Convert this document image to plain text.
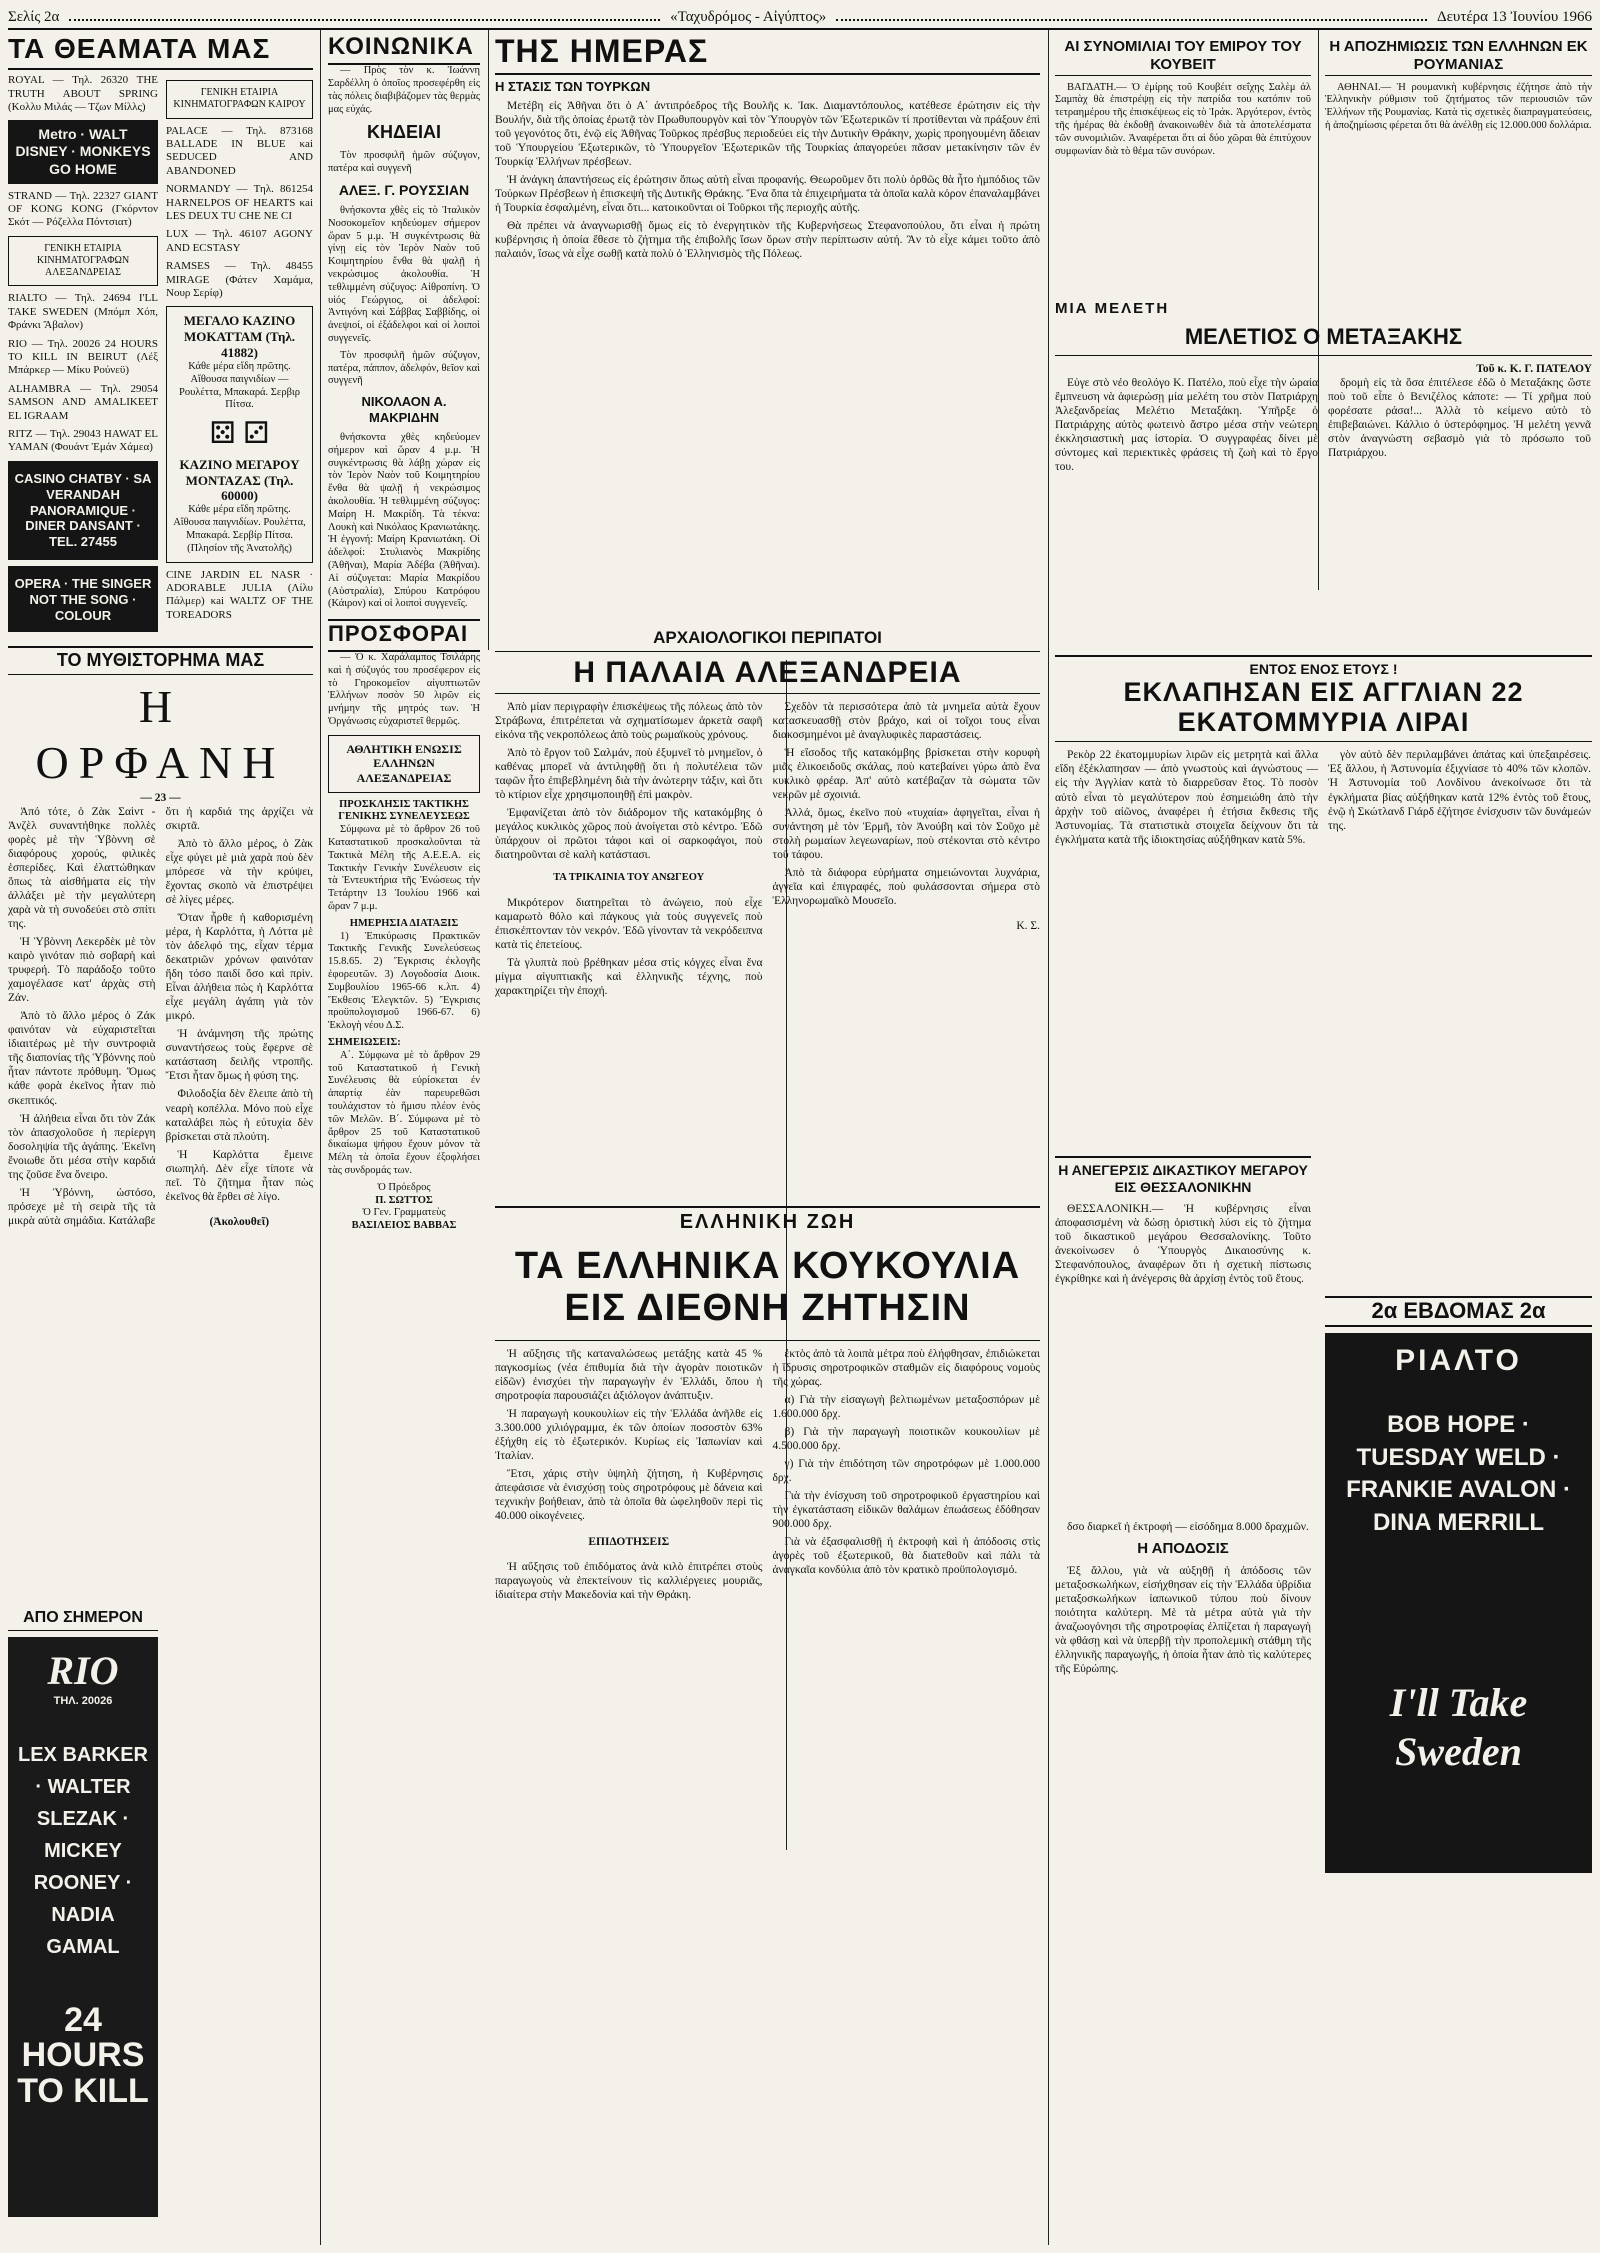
Σελίς 2α	«Ταχυδρόμος - Αἰγύπτος»	Δευτέρα 13 Ἰουνίου 1966
ΤΑ ΘΕΑΜΑΤΑ ΜΑΣ

ROYAL — Τηλ. 26320 THE TRUTH ABOUT SPRING (Κολλυ Μιλάς — Τζων Μίλλς)

Metro · WALT DISNEY · MONKEYS GO HOME

STRAND — Τηλ. 22327 GIANT OF KONG KONG (Γκόρντον Σκότ — Ρόζελλα Πόντσιατ)

ΓΕΝΙΚΗ ΕΤΑΙΡΙΑ ΚΙΝΗΜΑΤΟΓΡΑΦΩΝ ΑΛΕΞΑΝΔΡΕΙΑΣ

RIALTO — Τηλ. 24694 I'LL TAKE SWEDEN (Μπόμπ Χόπ, Φράνκι Ἄβαλον)

RIO — Τηλ. 20026 24 HOURS TO KILL IN BEIRUT (Λέξ Μπάρκερ — Μίκυ Ρούνεϋ)

ALHAMBRA — Τηλ. 29054 SAMSON AND AMALIKEET EL IGRAAM

RITZ — Τηλ. 29043 HAWAT EL YAMAN (Φουάντ Ἐμάν Χάμεα)

CASINO CHATBY · SA VERANDAH PANORAMIQUE · DINER DANSANT · TEL. 27455
OPERA · THE SINGER NOT THE SONG · COLOUR
ΓΕΝΙΚΗ ΕΤΑΙΡΙΑ ΚΙΝΗΜΑΤΟΓΡΑΦΩΝ ΚΑΙΡΟΥ

PALACE — Τηλ. 873168 BALLADE IN BLUE κai SEDUCED AND ABANDONED

NORMANDY — Τηλ. 861254 HARNELPOS OF HEARTS κai LES DEUX TU CHE NE CI

LUX — Τηλ. 46107 AGONY AND ECSTASY

RAMSES — Τηλ. 48455 MIRAGE (Φάτεν Χαμάμα, Νουρ Σερίφ)

ΜΕΓΑΛΟ ΚΑΖΙΝΟ ΜΟΚΑΤΤΑΜ (Τηλ. 41882)
Κάθε μέρα εἴδη πρῶτης. Αἴθουσα παιγνιδίων — Ρουλέττα, Μπακαρά. Σερβιρ Πίτσα.
⚄ ⚂
ΚΑΖΙΝΟ ΜΕΓΑΡΟΥ ΜΟΝΤΑΖΑΣ (Τηλ. 60000)
Κάθε μέρα εἴδη πρῶτης. Αἴθουσα παιγνιδίων. Ρουλέττα, Μπακαρά. Σερβίρ Πίτσα. (Πλησίον τῆς Ἀνατολῆς)

CINE JARDIN EL NASR · ADORABLE JULIA (Λίλυ Πάλμερ) κai WALTZ OF THE TOREADORS

ΚΟΙΝΩΝΙΚΑ

— Πρὸς τὸν κ. Ἰωάννη Σαρδέλλη ὁ ὁποῖος προσεφέρθη εἰς τὰς πόλεις διαβιβάζομεν τὰς θερμὰς μας εὐχάς.

ΚΗΔΕΙΑΙ

Τὸν προσφιλῆ ἡμῶν σύζυγον, πατέρα καὶ συγγενῆ

ΑΛΕΞ. Γ. ΡΟΥΣΣΙΑΝ

θνήσκοντα χθὲς εἰς τὸ Ἰταλικὸν Νοσοκομεῖον κηδεύομεν σήμερον ὥραν 5 μ.μ. Ἡ συγκέντρωσις θὰ γίνῃ εἰς τὸν Ἱερὸν Ναὸν τοῦ Κοιμητηρίου ἔνθα θὰ ψαλῇ ἡ νεκρώσιμος ἀκολουθία. Ἡ τεθλιμμένη σύζυγος: Αἰθροπίνη. Ὁ υἱός Γεώργιος, οἱ ἀδελφοί: Ἀντιγόνη καὶ Σάββας Σαββίδης, οἱ ἀνεψιοί, οἱ ἐξάδελφοι καὶ οἱ λοιποὶ συγγενεῖς.

Τὸν προσφιλῆ ἡμῶν σύζυγον, πατέρα, πάππον, ἀδελφόν, θεῖον καὶ συγγενῆ

ΝΙΚΟΛΑΟΝ Α. ΜΑΚΡΙΔΗΝ

θνήσκοντα χθὲς κηδεύομεν σήμερον καὶ ὥραν 4 μ.μ. Ἡ συγκέντρωσις θὰ λάβῃ χώραν εἰς τὸν Ἱερὸν Ναὸν τοῦ Κοιμητηρίου ἔνθα θὰ ψαλῇ ἡ νεκρώσιμος ἀκολουθία. Ἡ τεθλιμμένη σύζυγος: Μαίρη Η. Μακρίδη. Τὰ τέκνα: Λουκὴ καὶ Νικόλαος Κρανιωτάκης. Ἡ ἐγγονή: Μαίρη Κρανιωτάκη. Οἱ ἀδελφοί: Στυλιανὸς Μακρίδης (Ἀθῆναι), Μαρία Ἀδέβα (Ἀθῆναι). Αἱ σύζυγεται: Μαρία Μακρίδου (Αὐστραλία), Σπύρου Κατρόφου (Κάιρον) καὶ οἱ λοιποὶ συγγενεῖς.

ΠΡΟΣΦΟΡΑΙ

— Ὁ κ. Χαράλαμπος Τσιλάρης καὶ ἡ σύζυγός του προσέφερον εἰς τὸ Γηροκομεῖον αἰγυπτιωτῶν Ἑλλήνων ποσὸν 50 λιρῶν εἰς μνήμην τῆς μητρός των. Ἡ Ὀργάνωσις εὐχαριστεῖ θερμῶς.

ΑΘΛΗΤΙΚΗ ΕΝΩΣΙΣ ΕΛΛΗΝΩΝ ΑΛΕΞΑΝΔΡΕΙΑΣ
ΠΡΟΣΚΛΗΣΙΣ ΤΑΚΤΙΚΗΣ ΓΕΝΙΚΗΣ ΣΥΝΕΛΕΥΣΕΩΣ

Σύμφωνα μὲ τὸ ἄρθρον 26 τοῦ Καταστατικοῦ προσκαλοῦνται τὰ Τακτικὰ Μέλη τῆς Α.Ε.Ε.Α. εἰς Τακτικὴν Γενικὴν Συνέλευσιν εἰς τὰ Ἐντευκτήρια τῆς Ἑνώσεως τὴν Τετάρτην 13 Ἰουλίου 1966 καὶ ὥραν 7 μ.μ.

ΗΜΕΡΗΣΙΑ ΔΙΑΤΑΞΙΣ

1) Ἐπικύρωσις Πρακτικῶν Τακτικῆς Γενικῆς Συνελεύσεως 15.8.65. 2) Ἔγκρισις ἐκλογῆς ἐφορευτῶν. 3) Λογοδοσία Διοικ. Συμβουλίου 1965-66 κ.λπ. 4) Ἔκθεσις Ἐλεγκτῶν. 5) Ἔγκρισις προϋπολογισμοῦ 1966-67. 6) Ἐκλογὴ νέου Δ.Σ.

ΣΗΜΕΙΩΣΕΙΣ:

Α΄. Σύμφωνα μὲ τὸ ἄρθρον 29 τοῦ Καταστατικοῦ ἡ Γενικὴ Συνέλευσις θὰ εὑρίσκεται ἐν ἀπαρτίᾳ ἐὰν παρευρεθῶσι τουλάχιστον τὸ ἥμισυ πλέον ἑνὸς τῶν Μελῶν. Β΄. Σύμφωνα μὲ τὸ ἄρθρον 25 τοῦ Καταστατικοῦ δικαίωμα ψήφου ἔχουν μόνον τὰ Μέλη τὰ ὁποῖα ἔχουν ἐξοφλήσει τὰς συνδρομάς των.

Ὁ Πρόεδρος
Π. ΣΩΤΤΟΣ
Ὁ Γεν. Γραμματεὺς
ΒΑΣΙΛΕΙΟΣ ΒΑΒΒΑΣ
ΤΟ ΜΥΘΙΣΤΟΡΗΜΑ ΜΑΣ
Η ΟΡΦΑΝΗ
— 23 —

Ἀπό τότε, ὁ Ζὰκ Σαὶντ - Ἀνζὲλ συναντήθηκε πολλὲς φορὲς μὲ τὴν Ὑβὸννη σὲ διαφόρους χορούς, φιλικὲς ἑσπερίδες. Καὶ ἐλαττώθηκαν ὅπως τὰ αἰσθήματα εἰς τὴν ἀλλάξει μὲ τὴν μεγαλύτερη χαρὰ νὰ τὴ συνοδεύει στὸ σπίτι της.

Ἡ Ὑβὸννη Λεκερδὲκ μὲ τὸν καιρὸ γινόταν πιὸ σοβαρὴ καὶ τρυφερή. Τὸ παράδοξο τοῦτο χαμογέλασε κατ' ἀρχὰς στὴ Ζάν.

Ἀπὸ τὸ ἄλλο μέρος ὁ Ζάκ φαινόταν νὰ εὐχαριστεῖται ἰδιαιτέρως μὲ τὴν συντροφιὰ τῆς διαπονίας τῆς Ὑβόννης ποὺ ἦταν πάντοτε πρόθυμη. Ὅμως κάθε φορὰ ἐκεῖνος ἦταν πιὸ σκεπτικός.

Ἡ ἀλήθεια εἶναι ὅτι τὸν Ζάκ τὸν ἀπασχολοῦσε ἡ περίεργη δοσοληψία τῆς ἀγάπης. Ἐκεῖνη ἔνοιωθε ὅτι μέσα στὴν καρδιά της ζοῦσε ἕνα ὄνειρο.

Ἡ Ὑβόννη, ὡστόσο, πρόσεχε μὲ τὴ σειρὰ τῆς τὰ μικρὰ αὐτὰ σημάδια. Κατάλαβε ὅτι ἡ καρδιά της ἀρχίζει νὰ σκιρτᾶ.

Ἀπὸ τὸ ἄλλο μέρος, ὁ Ζὰκ εἶχε φύγει μὲ μιὰ χαρὰ ποὺ δὲν μπόρεσε νὰ τὴν κρύψει, ἔχοντας σκοπὸ νὰ ἐπιστρέψει σὲ λίγες μέρες.

Ὅταν ἦρθε ἡ καθορισμένη μέρα, ἡ Καρλόττα, ἡ Λόττα μὲ τὸν ἀδελφό της, εἶχαν τέρμα δεκατριῶν χρόνων φαινόταν ἤδη τόσο παιδί ὅσο καὶ πρὶν. Εἶναι ἀλήθεια πὼς ἡ Καρλόττα εἶχε μεγάλη ἀγάπη γιὰ τὸν μικρό.

Ἡ ἀνάμνηση τῆς πρώτης συναντήσεως τοὺς ἔφερνε σὲ κατάσταση δειλῆς ντροπῆς. Ἔτσι ἦταν ὅμως ἡ φύση της.

Φιλοδοξία δὲν ἔλειπε ἀπὸ τὴ νεαρὴ κοπέλλα. Μόνο ποὺ εἶχε καταλάβει πὼς ἡ εὐτυχία δὲν βρίσκεται στὰ πλούτη.

Ἡ Καρλόττα ἔμεινε σιωπηλή. Δὲν εἶχε τίποτε νὰ πεῖ. Τὸ ζῆτημα ἦταν πὼς ἐκεῖνος θὰ ἔρθει σὲ λίγο.

(Ἀκολουθεῖ)

ΑΠΟ ΣΗΜΕΡΟΝ
RIO
ΤΗΛ. 20026
LEX BARKER · WALTER SLEZAK · MICKEY ROONEY · NADIA GAMAL
24 HOURS TO KILL
ΤΗΣ ΗΜΕΡΑΣ
Η ΣΤΑΣΙΣ ΤΩΝ ΤΟΥΡΚΩΝ

Μετέβη εἰς Ἀθῆναι ὅτι ὁ Α΄ ἀντιπρόεδρος τῆς Βουλῆς κ. Ἰακ. Διαμαντόπουλος, κατέθεσε ἐρώτησιν εἰς τὴν Βουλήν, διὰ τῆς ὁποίας ἐρωτᾷ τὸν Πρωθυπουργὸν καὶ τὸν Ὑπουργὸν τῶν Ἐξωτερικῶν τί προτίθενται νὰ πράξουν ἐπὶ τοῦ γεγονότος ὅτι, ἐνῷ εἰς Ἀθῆνας Τοῦρκος πρέσβυς περιοδεύει εἰς τὴν Δυτικὴν Θράκην, χωρὶς προηγουμένη ἄδειαν τοῦ Ὑπουργείου Ἐξωτερικῶν, τὸ Ὑπουργεῖον Ἐξωτερικῶν τῆς Τουρκίας ἀπαγορεύει πᾶσαν μετακίνησιν τῶν ἐν Τουρκίᾳ Ἑλλήνων πρέσβεων.

Ἡ ἀνάγκη ἀπαντήσεως εἰς ἐρώτησιν ὅπως αὐτὴ εἶναι προφανής. Θεωροῦμεν ὅτι πολὺ ὀρθῶς θὰ ἦτο ἡμπόδιος τῶν Τούρκων Πρέσβεων ἡ ἐπισκεψὴ τῆς Δυτικῆς Θράκης. Ἕνα ὅπα τὰ ἐπιχειρήματα τὰ ὁποῖα καλὰ κόρον ἐπαναλαμβάνει ἡ Τουρκία ἐσφαλμένη, εἶναι ὅτι... κατοικοῦνται οἱ Τοῦρκοι τῆς περιοχῆς αὐτῆς.

Θὰ πρέπει νὰ ἀναγνωρισθῇ ὅμως εἰς τὸ ἐνεργητικὸν τῆς Κυβερνήσεως Στεφανοπούλου, ὅτι εἶναι ἡ πρώτη κυβέρνησις ἡ ὁποία ἔθεσε τὸ ζήτημα τῆς ἐπιβολῆς ἴσων ὅρων στὴν περίπτωσιν αὐτή. Ἂν τὸ εἶχε κάμει τοῦτο ἀπὸ παλαιόν, ἴσως νὰ εἶχε σωθῇ κατὰ πολὺ ὁ Ἑλληνισμὸς τῆς Πόλεως.

ΑΡΧΑΙΟΛΟΓΙΚΟΙ ΠΕΡΙΠΑΤΟΙ
Η ΠΑΛΑΙΑ ΑΛΕΞΑΝΔΡΕΙΑ

Ἀπὸ μίαν περιγραφὴν ἐπισκέψεως τῆς πόλεως ἀπὸ τὸν Στράβωνα, ἐπιτρέπεται νὰ σχηματίσωμεν ἀρκετὰ σαφῆ εἰκόνα τῆς νεκροπόλεως ἀπὸ τοὺς ρωμαϊκοὺς χρόνους.

Ἀπὸ τὸ ἔργον τοῦ Σαλμάν, ποὺ ἐξυμνεῖ τὸ μνημεῖον, ὁ καθένας μπορεῖ νὰ ἀντιληφθῇ ὅτι ἡ πολυτέλεια τῶν ταφῶν ἦτο ἐπιβεβλημένη διὰ τὴν ἀνώτερην τάξιν, καὶ ὅτι τὸ κτίριον εἶχε χρησιμοποιηθῇ ἐπὶ μακρὸν.

Ἐμφανίζεται ἀπὸ τὸν διάδρομον τῆς κατακόμβης ὁ μεγάλος κυκλικὸς χῶρος ποὺ ἀνοίγεται στὸ κέντρο. Ἐδῶ ὑπάρχουν οἱ πρῶτοι τάφοι καὶ οἱ σαρκοφάγοι, ποὺ διατηροῦνται σὲ καλὴ κατάστασι.

ΤΑ ΤΡΙΚΛΙΝΙΑ ΤΟΥ ΑΝΩΓΕΟΥ

Μικρότερον διατηρεῖται τὸ ἀνώγειο, ποὺ εἶχε καμαρωτὸ θόλο καὶ πάγκους γιὰ τοὺς συγγενεῖς ποὺ ἐπισκέπτονταν τὸν νεκρόν. Ἐδῶ γίνονταν τὰ νεκρόδειπνα κατὰ τὶς ἐπετείους.

Τὰ γλυπτὰ ποὺ βρέθηκαν μέσα στὶς κόγχες εἶναι ἕνα μίγμα αἰγυπτιακῆς καὶ ἑλληνικῆς τέχνης, ποὺ χαρακτηρίζει τὴν ἐποχή.

Σχεδὸν τὰ περισσότερα ἀπὸ τὰ μνημεῖα αὐτὰ ἔχουν κατασκευασθῇ στὸν βράχο, καὶ οἱ τοῖχοι τους εἶναι διακοσμημένοι μὲ ἀναγλυφικὲς παραστάσεις.

Ἡ εἴσοδος τῆς κατακόμβης βρίσκεται στὴν κορυφὴ μιᾶς ἑλικοειδοῦς σκάλας, ποὺ κατεβαίνει γύρω ἀπὸ ἕνα κυκλικὸ φρέαρ. Ἀπ' αὐτὸ κατέβαζαν τὰ σώματα τῶν νεκρῶν μὲ σχοινιά.

Ἀλλά, ὅμως, ἐκεῖνο ποὺ «τυχαία» ἀφηγεῖται, εἶναι ἡ συνάντηση μὲ τὸν Ἐρμῆ, τὸν Ἀνούβη καὶ τὸν Σοῦχο μὲ στολὴ ρωμαίων λεγεωναρίων, ποὺ στέκονται στὸ κέντρο τοῦ τάφου.

Ἀπὸ τὰ διάφορα εὑρήματα σημειώνονται λυχνάρια, ἀγγεῖα καὶ ἐπιγραφές, ποὺ φυλάσσονται σήμερα στὸ Ἑλληνορωμαϊκὸ Μουσεῖο.

Κ. Σ.

ΕΛΛΗΝΙΚΗ ΖΩΗ
ΤΑ ΕΛΛΗΝΙΚΑ ΚΟΥΚΟΥΛΙΑ ΕΙΣ ΔΙΕΘΝΗ ΖΗΤΗΣΙΝ

Ἡ αὔξησις τῆς καταναλώσεως μετάξης κατὰ 45 % παγκοσμίως (νέα ἐπιθυμία διὰ τὴν ἀγορὰν ποιοτικῶν εἰδῶν) ἐνισχύει τὴν παραγωγὴν ἐν Ἑλλάδι, ὅπου ἡ σηροτροφία παρουσιάζει ἀξιόλογον ἀνάπτυξιν.

Ἡ παραγωγὴ κουκουλίων εἰς τὴν Ἑλλάδα ἀνῆλθε εἰς 3.300.000 χιλιόγραμμα, ἐκ τῶν ὁποίων ποσοστὸν 63% ἐξήχθη εἰς τὸ ἐξωτερικόν. Κυρίως εἰς Ἰαπωνίαν καὶ Ἰταλίαν.

Ἔτσι, χάρις στὴν ὑψηλὴ ζήτηση, ἡ Κυβέρνησις ἀπεφάσισε νὰ ἐνισχύσῃ τοὺς σηροτρόφους μὲ δάνεια καὶ τεχνικὴν βοήθειαν, ἀπὸ τὰ ὁποῖα θὰ ὠφεληθοῦν περὶ τὶς 40.000 οἰκογένειες.

ΕΠΙΔΟΤΗΣΕΙΣ

Ἡ αὔξησις τοῦ ἐπιδόματος ἀνὰ κιλὸ ἐπιτρέπει στοὺς παραγωγοὺς νὰ ἐπεκτείνουν τὶς καλλιέργειες μουριᾶς, ἰδιαίτερα στὴν Μακεδονία καὶ τὴν Θράκη.

ἐκτὸς ἀπὸ τὰ λοιπὰ μέτρα ποὺ ἐλήφθησαν, ἐπιδιώκεται ἡ ἵδρυσις σηροτροφικῶν σταθμῶν εἰς διαφόρους νομοὺς τῆς χώρας.

α) Γιὰ τὴν εἰσαγωγὴ βελτιωμένων μεταξοσπόρων μὲ 1.600.000 δρχ.

β) Γιὰ τὴν παραγωγὴ ποιοτικῶν κουκουλίων μὲ 4.500.000 δρχ.

γ) Γιὰ τὴν ἐπιδότηση τῶν σηροτρόφων μὲ 1.000.000 δρχ.

Γιὰ τὴν ἐνίσχυση τοῦ σηροτροφικοῦ ἐργαστηρίου καὶ τὴν ἐγκατάσταση εἰδικῶν θαλάμων ἐπωάσεως ἐδόθησαν 900.000 δρχ.

Γιὰ νὰ ἐξασφαλισθῇ ἡ ἐκτροφὴ καὶ ἡ ἀπόδοσις στὶς ἀγορὲς τοῦ ἐξωτερικοῦ, θὰ διατεθοῦν καὶ πάλι τὰ ἀναγκαῖα κονδύλια ἀπὸ τὸν κρατικὸ προϋπολογισμό.

ΑΙ ΣΥΝΟΜΙΛΙΑΙ ΤΟΥ ΕΜΙΡΟΥ ΤΟΥ ΚΟΥΒΕΙΤ

ΒΑΓΔΑΤΗ.— Ὁ ἐμίρης τοῦ Κουβέιτ σεΐχης Σαλὲμ ἀλ Σαμπὰχ θὰ ἐπιστρέψῃ εἰς τὴν πατρίδα του κατόπιν τοῦ τετραημέρου τῆς ἐπισκέψεως εἰς τὸ Ἰράκ. Ἀργότερον, ἐντὸς τῆς ἡμέρας θὰ ἐκδοθῇ ἀνακοινωθὲν διὰ τὰ ἀποτελέσματα τῶν συνομιλιῶν. Ἀναφέρεται ὅτι αἱ δύο χῶραι θὰ ἐπιτύχουν συμφωνίαν διὰ τὸ θέμα τῶν συνόρων.

Η ΑΠΟΖΗΜΙΩΣΙΣ ΤΩΝ ΕΛΛΗΝΩΝ ΕΚ ΡΟΥΜΑΝΙΑΣ

ΑΘΗΝΑΙ.— Ἡ ρουμανικὴ κυβέρνησις ἐζήτησε ἀπὸ τὴν Ἑλληνικὴν ρύθμισιν τοῦ ζητήματος τῶν περιουσιῶν τῶν Ἑλλήνων τῆς Ρουμανίας. Κατὰ τὶς σχετικὲς διαπραγματεύσεις, ἡ ἀποζημίωσις φέρεται ὅτι θὰ ἀνέλθῃ εἰς 12.000.000 δολλάρια.

ΜΙΑ ΜΕΛΕΤΗ
ΜΕΛΕΤΙΟΣ Ο ΜΕΤΑΞΑΚΗΣ
Τοῦ κ. Κ. Γ. ΠΑΤΕΛΟΥ

Εὐγε στὸ νέο θεολόγο Κ. Πατέλο, ποὺ εἶχε τὴν ὡραία ἔμπνευση νὰ ἀφιερώσῃ μία μελέτη του στὸν Πατριάρχη Ἀλεξανδρείας Μελέτιο Μεταξάκη. Ὑπῆρξε ὁ Πατριάρχης αὐτὸς φωτεινὸ ἄστρο μέσα στὴν νεώτερη ἐκκλησιαστικὴ μας ἱστορία. Ὁ συγγραφέας δίνει μὲ σύντομες καὶ περιεκτικὲς φράσεις τὴ ζωὴ καὶ τὸ ἔργο του.

δρομὴ εἰς τὰ ὅσα ἐπιτέλεσε ἐδῶ ὁ Μεταξάκης ὥστε ποὺ τοῦ εἶπε ὁ Βενιζέλος κάποτε: — Τί χρῆμα ποὺ φορέσατε ράσα!... Ἀλλὰ τὸ κείμενο αὐτὸ τὸ ἐπιβεβαιώνει. Κάλλιο ὁ ὑστερόφημος. Ἡ μελέτη γεννᾶ στὸν ἀναγνώστη σεβασμὸ γιὰ τὸ πρόσωπο τοῦ Πατριάρχου.

ΕΝΤΟΣ ΕΝΟΣ ΕΤΟΥΣ !
ΕΚΛΑΠΗΣΑΝ ΕΙΣ ΑΓΓΛΙΑΝ 22 ΕΚΑΤΟΜΜΥΡΙΑ ΛΙΡΑΙ

Ρεκὸρ 22 ἑκατομμυρίων λιρῶν εἰς μετρητὰ καὶ ἄλλα εἴδη ἐξέκλαπησαν — ἀπὸ γνωστοὺς καὶ ἀγνώστους — εἰς τὴν Ἀγγλίαν κατὰ τὸ διαρρεῦσαν ἔτος. Τὸ ποσὸν αὐτὸ εἶναι τὸ μεγαλύτερον ποὺ ἐσημειώθη ἀπὸ τὴν ἀρχὴν τοῦ αἰῶνος, ἀναφέρει ἡ ἐτήσια ἔκθεσις τῆς Ἀστυνομίας. Τὰ στατιστικὰ στοιχεῖα δείχνουν ὅτι τὰ ἐγκλήματα κατὰ τῆς ἰδιοκτησίας αὐξήθηκαν κατὰ 5%.

γὸν αὐτὸ δὲν περιλαμβάνει ἀπάτας καὶ ὑπεξαιρέσεις. Ἐξ ἄλλου, ἡ Ἀστυνομία ἐξιχνίασε τὸ 40% τῶν κλοπῶν. Ἡ Ἀστυνομία τοῦ Λονδίνου ἀνεκοίνωσε ὅτι τὰ ἐγκλήματα βίας αὐξήθηκαν κατὰ 12% ἐντὸς τοῦ ἔτους, ἐνῷ ἡ Σκώτλανδ Γιάρδ ἐζήτησε ἐνίσχυσιν τῶν δυνάμεών της.

Η ΑΝΕΓΕΡΣΙΣ ΔΙΚΑΣΤΙΚΟΥ ΜΕΓΑΡΟΥ ΕΙΣ ΘΕΣΣΑΛΟΝΙΚΗΝ

ΘΕΣΣΑΛΟΝΙΚΗ.— Ἡ κυβέρνησις εἶναι ἀποφασισμένη νὰ δώσῃ ὁριστικὴ λύσι εἰς τὸ ζήτημα τοῦ δικαστικοῦ μεγάρου Θεσσαλονίκης. Τοῦτο ἀνεκοίνωσεν ὁ Ὑπουργὸς Δικαιοσύνης κ. Στεφανόπουλος, ἀναφέρων ὅτι ἡ σχετικὴ πίστωσις ἐγκρίθηκε καὶ ἡ ἀνέγερσις θὰ ἀρχίσῃ ἐντὸς τοῦ ἔτους.

2α ΕΒΔΟΜΑΣ 2α
ΡΙΑΛΤΟ
BOB HOPE · TUESDAY WELD · FRANKIE AVALON · DINA MERRILL
I'll Take Sweden

δσο διαρκεῖ ἡ ἐκτροφή — εἰσόδημα 8.000 δραχμῶν.

Η ΑΠΟΔΟΣΙΣ

Ἐξ ἄλλου, γιὰ νὰ αὐξηθῇ ἡ ἀπόδοσις τῶν μεταξοσκωλήκων, εἰσήχθησαν εἰς τὴν Ἑλλάδα ὑβρίδια μεταξοσκωλήκων ἰαπωνικοῦ τύπου ποὺ δίνουν ποιότητα καλύτερη. Μὲ τὰ μέτρα αὐτὰ γιὰ τὴν ἀναζωογόνησι τῆς σηροτροφίας ἐλπίζεται ἡ παραγωγὴ νὰ φθάσῃ καὶ νὰ ὑπερβῇ τὴν προπολεμικὴ στάθμη τῆς ἑλληνικῆς παραγωγῆς, ἡ ὁποία ἦταν ἀπὸ τὶς καλύτερες τῆς Εὐρώπης.
